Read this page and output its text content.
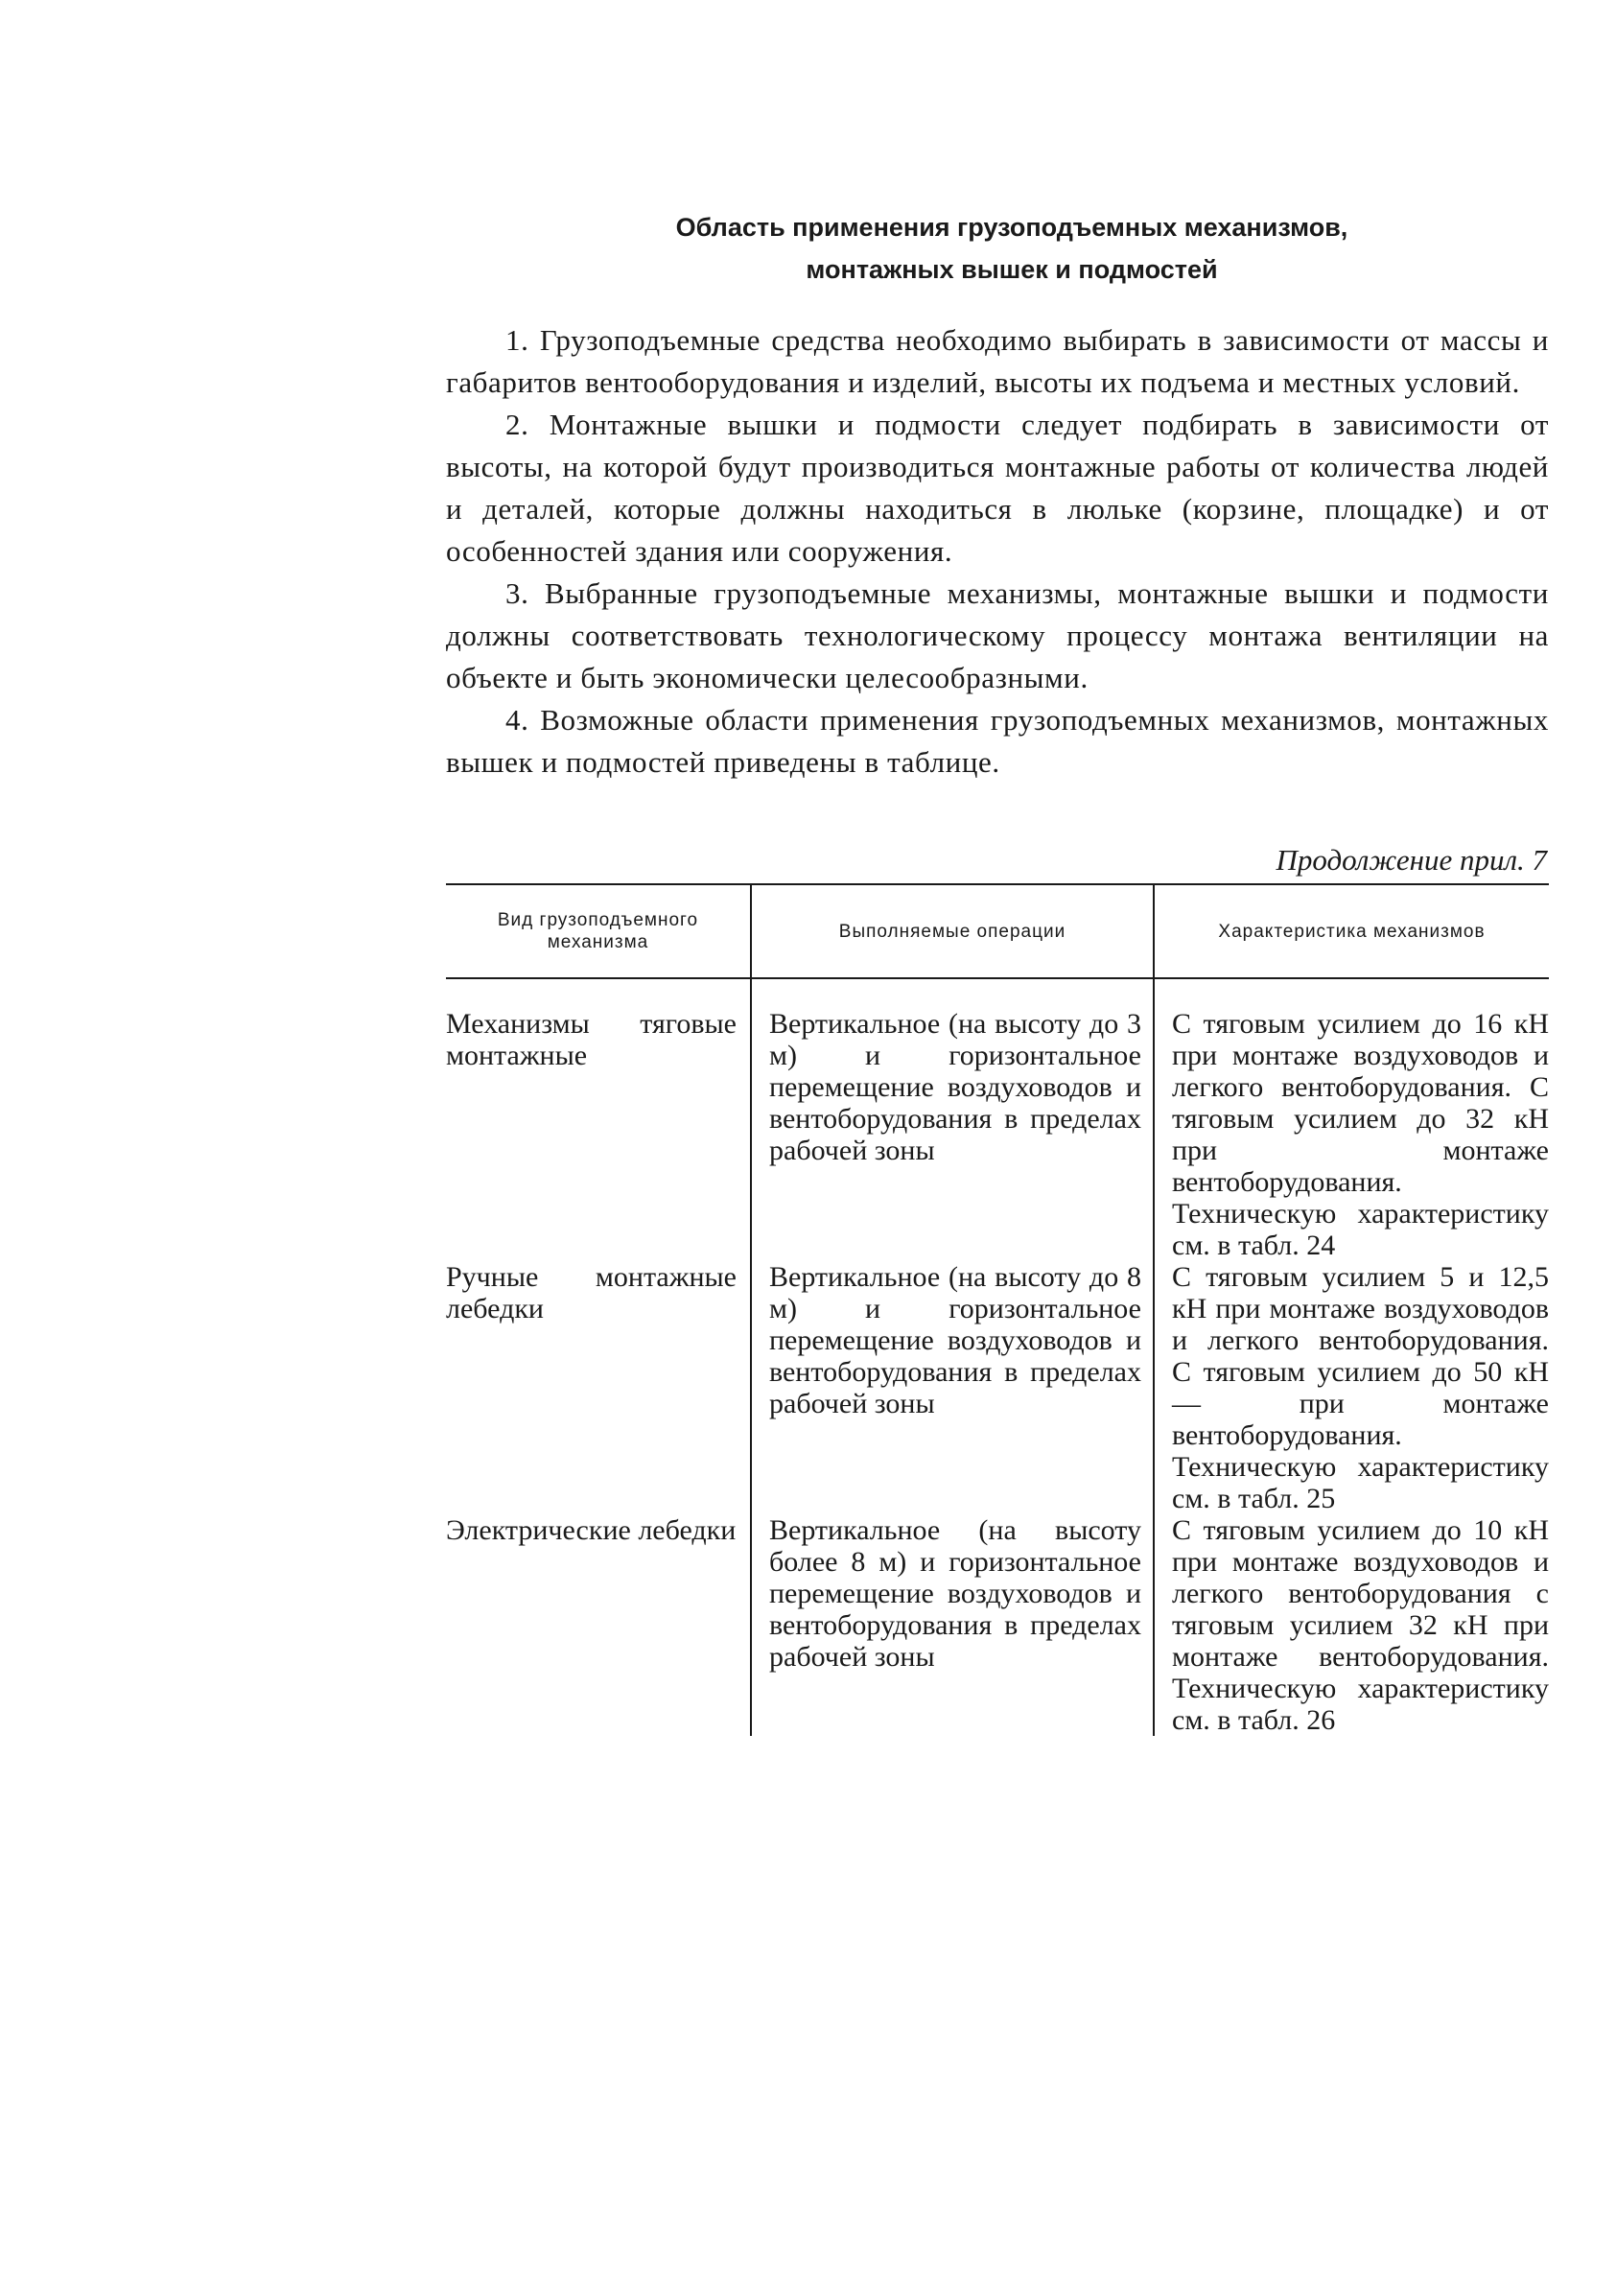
Область применения грузоподъемных механизмов,
монтажных вышек и подмостей

1. Грузоподъемные средства необходимо выбирать в зависимости от массы и габаритов вентооборудования и изделий, высоты их подъема и местных условий.

2. Монтажные вышки и подмости следует подбирать в зависимости от высоты, на которой будут производиться монтажные работы от количества людей и деталей, которые должны находиться в люльке (корзине, площадке) и от особенностей здания или сооружения.

3. Выбранные грузоподъемные механизмы, монтажные вышки и подмости должны соответствовать технологическому процессу монтажа вентиляции на объекте и быть экономически целесообразными.

4. Возможные области применения грузоподъемных механизмов, монтажных вышек и подмостей приведены в таблице.

Продолжение прил. 7
Вид грузоподъемного механизма	Выполняемые операции	Характеристика механизмов

Механизмы тяговые монтажные	Вертикальное (на высоту до 3 м) и горизонтальное перемещение воздуховодов и вентоборудования в пределах рабочей зоны	С тяговым усилием до 16 кН при монтаже воздуховодов и легкого вентоборудования. С тяговым усилием до 32 кН при монтаже вентоборудования. Техническую характеристику см. в табл. 24
Ручные монтажные лебедки	Вертикальное (на высоту до 8 м) и горизонтальное перемещение воздуховодов и вентоборудования в пределах рабочей зоны	С тяговым усилием 5 и 12,5 кН при монтаже воздуховодов и легкого вентоборудования. С тяговым усилием до 50 кН — при монтаже вентоборудования. Техническую характеристику см. в табл. 25
Электрические лебедки	Вертикальное (на высоту более 8 м) и горизонтальное перемещение воздуховодов и вентоборудования в пределах рабочей зоны	С тяговым усилием до 10 кН при монтаже воздуховодов и легкого вентоборудования с тяговым усилием 32 кН при монтаже вентоборудования. Техническую характеристику см. в табл. 26
